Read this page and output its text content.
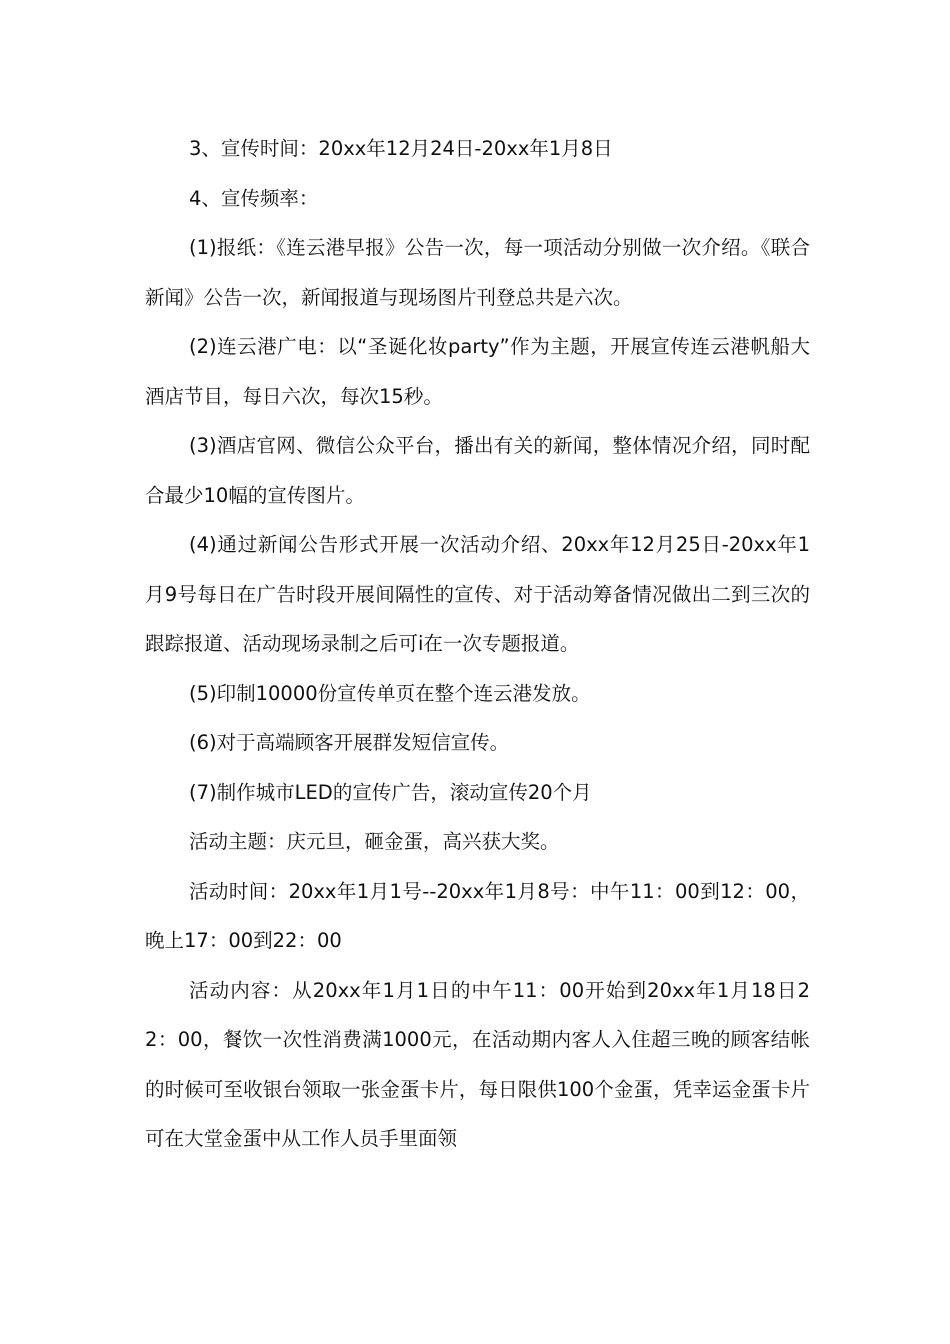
3、宣传时间：20xx年12月24日-20xx年1月8日

4、宣传频率：

(1)报纸：《连云港早报》公告一次，每一项活动分别做一次介绍。《联合新闻》公告一次，新闻报道与现场图片刊登总共是六次。

(2)连云港广电：以“圣诞化妆party”作为主题，开展宣传连云港帆船大酒店节目，每日六次，每次15秒。

(3)酒店官网、微信公众平台，播出有关的新闻，整体情况介绍，同时配合最少10幅的宣传图片。

(4)通过新闻公告形式开展一次活动介绍、20xx年12月25日-20xx年1月9号每日在广告时段开展间隔性的宣传、对于活动筹备情况做出二到三次的跟踪报道、活动现场录制之后可i在一次专题报道。

(5)印制10000份宣传单页在整个连云港发放。

(6)对于高端顾客开展群发短信宣传。

(7)制作城市LED的宣传广告，滚动宣传20个月

活动主题：庆元旦，砸金蛋，高兴获大奖。

活动时间：20xx年1月1号--20xx年1月8号：中午11：00到12：00，晚上17：00到22：00

活动内容：从20xx年1月1日的中午11：00开始到20xx年1月18日22：00，餐饮一次性消费满1000元，在活动期内客人入住超三晚的顾客结帐的时候可至收银台领取一张金蛋卡片，每日限供100个金蛋，凭幸运金蛋卡片可在大堂金蛋中从工作人员手里面领
